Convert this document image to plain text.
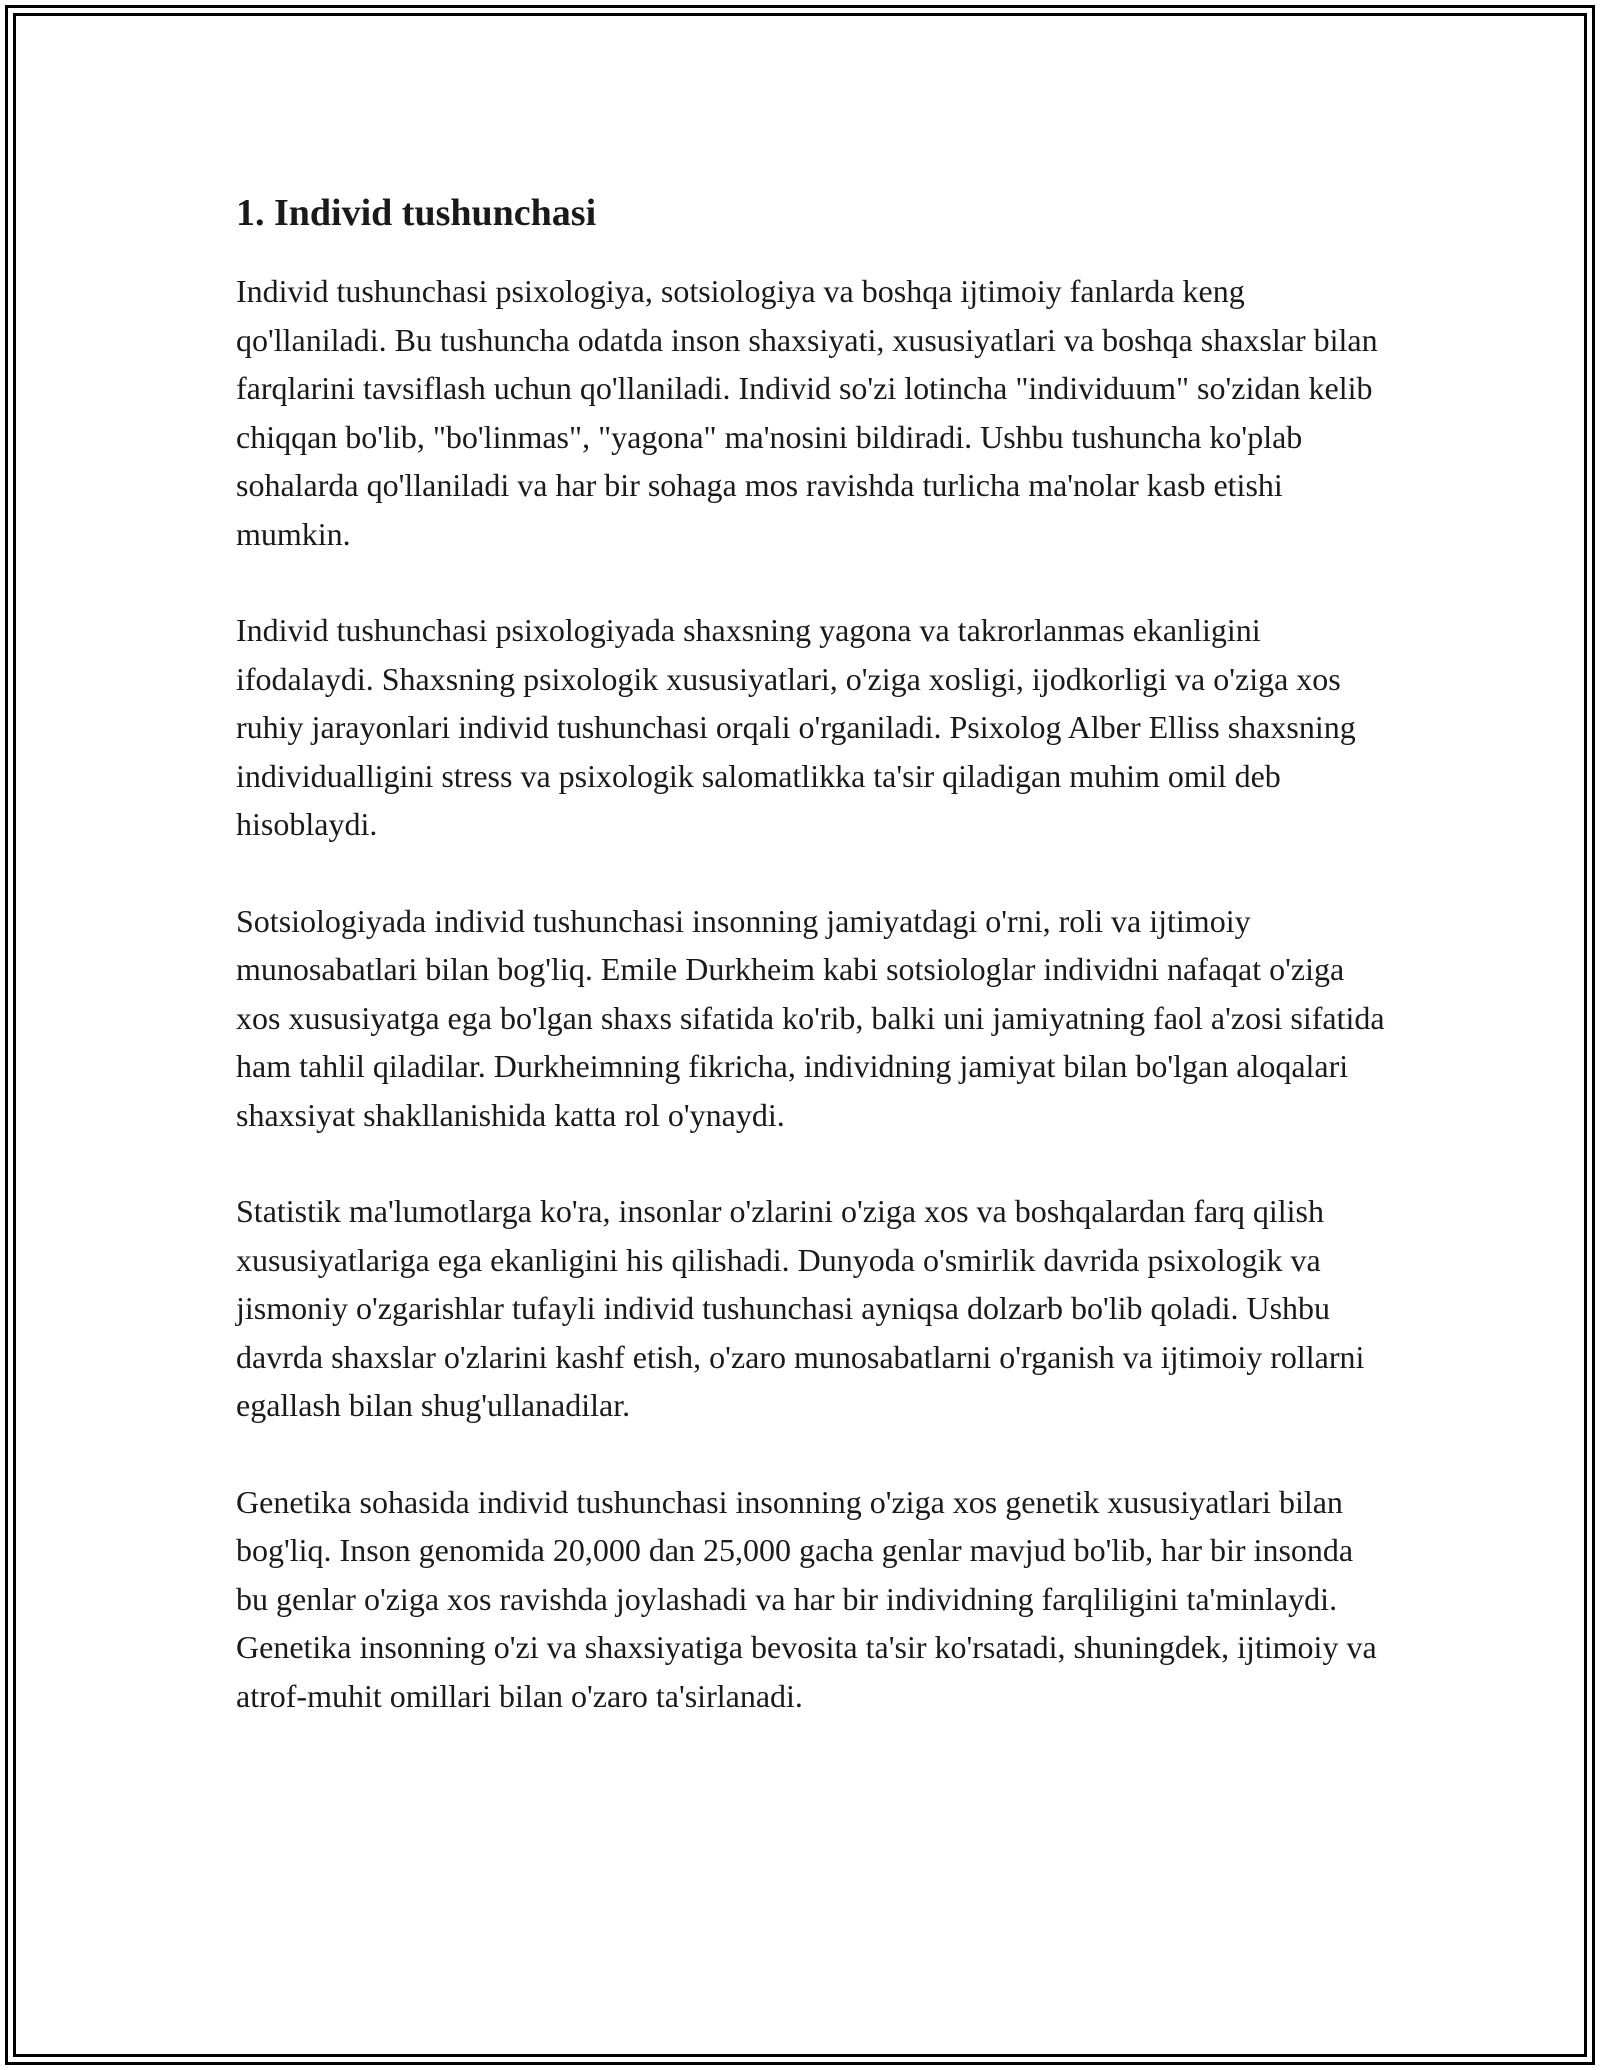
1. Individ tushunchasi

Individ tushunchasi psixologiya, sotsiologiya va boshqa ijtimoiy fanlarda keng qo'llaniladi. Bu tushuncha odatda inson shaxsiyati, xususiyatlari va boshqa shaxslar bilan farqlarini tavsiflash uchun qo'llaniladi. Individ so'zi lotincha "individuum" so'zidan kelib chiqqan bo'lib, "bo'linmas", "yagona" ma'nosini bildiradi. Ushbu tushuncha ko'plab sohalarda qo'llaniladi va har bir sohaga mos ravishda turlicha ma'nolar kasb etishi mumkin.

Individ tushunchasi psixologiyada shaxsning yagona va takrorlanmas ekanligini ifodalaydi. Shaxsning psixologik xususiyatlari, o'ziga xosligi, ijodkorligi va o'ziga xos ruhiy jarayonlari individ tushunchasi orqali o'rganiladi. Psixolog Alber Elliss shaxsning individualligini stress va psixologik salomatlikka ta'sir qiladigan muhim omil deb hisoblaydi.

Sotsiologiyada individ tushunchasi insonning jamiyatdagi o'rni, roli va ijtimoiy munosabatlari bilan bog'liq. Emile Durkheim kabi sotsiologlar individni nafaqat o'ziga xos xususiyatga ega bo'lgan shaxs sifatida ko'rib, balki uni jamiyatning faol a'zosi sifatida ham tahlil qiladilar. Durkheimning fikricha, individning jamiyat bilan bo'lgan aloqalari shaxsiyat shakllanishida katta rol o'ynaydi.

Statistik ma'lumotlarga ko'ra, insonlar o'zlarini o'ziga xos va boshqalardan farq qilish xususiyatlariga ega ekanligini his qilishadi. Dunyoda o'smirlik davrida psixologik va jismoniy o'zgarishlar tufayli individ tushunchasi ayniqsa dolzarb bo'lib qoladi. Ushbu davrda shaxslar o'zlarini kashf etish, o'zaro munosabatlarni o'rganish va ijtimoiy rollarni egallash bilan shug'ullanadilar.

Genetika sohasida individ tushunchasi insonning o'ziga xos genetik xususiyatlari bilan bog'liq. Inson genomida 20,000 dan 25,000 gacha genlar mavjud bo'lib, har bir insonda bu genlar o'ziga xos ravishda joylashadi va har bir individning farqliligini ta'minlaydi. Genetika insonning o'zi va shaxsiyatiga bevosita ta'sir ko'rsatadi, shuningdek, ijtimoiy va atrof-muhit omillari bilan o'zaro ta'sirlanadi.
